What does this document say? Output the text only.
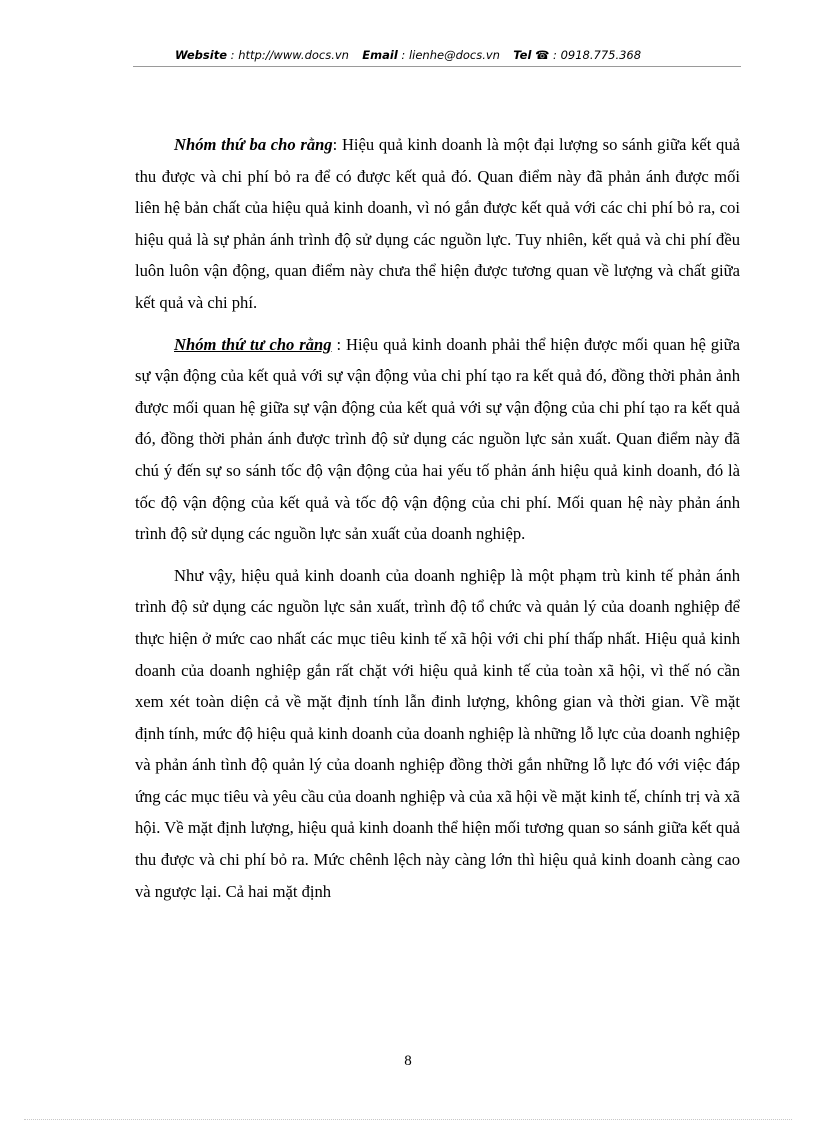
Website : http://www.docs.vn Email : lienhe@docs.vn Tel ☎ : 0918.775.368

Nhóm thứ ba cho rằng: Hiệu quả kinh doanh là một đại lượng so sánh giữa kết quả thu được và chi phí bỏ ra để có được kết quả đó. Quan điểm này đã phản ánh được mối liên hệ bản chất của hiệu quả kinh doanh, vì nó gắn được kết quả với các chi phí bỏ ra, coi hiệu quả là sự phản ánh trình độ sử dụng các nguồn lực. Tuy nhiên, kết quả và chi phí đều luôn luôn vận động, quan điểm này chưa thể hiện được tương quan về lượng và chất giữa kết quả và chi phí.

Nhóm thứ tư cho rằng : Hiệu quả kinh doanh phải thể hiện được mối quan hệ giữa sự vận động của kết quả với sự vận động vủa chi phí tạo ra kết quả đó, đồng thời phản ảnh được mối quan hệ giữa sự vận động của kết quả với sự vận động của chi phí tạo ra kết quả đó, đồng thời phản ánh được trình độ sử dụng các nguồn lực sản xuất. Quan điểm này đã chú ý đến sự so sánh tốc độ vận động của hai yếu tố phản ánh hiệu quả kinh doanh, đó là tốc độ vận động của kết quả và tốc độ vận động của chi phí. Mối quan hệ này phản ánh trình độ sử dụng các nguồn lực sản xuất của doanh nghiệp.

Như vậy, hiệu quả kinh doanh của doanh nghiệp là một phạm trù kinh tế phản ánh trình độ sử dụng các nguồn lực sản xuất, trình độ tổ chức và quản lý của doanh nghiệp để thực hiện ở mức cao nhất các mục tiêu kinh tế xã hội với chi phí thấp nhất. Hiệu quả kinh doanh của doanh nghiệp gắn rất chặt với hiệu quả kinh tế của toàn xã hội, vì thế nó cần xem xét toàn diện cả về mặt định tính lẫn đinh lượng, không gian và thời gian. Về mặt định tính, mức độ hiệu quả kinh doanh của doanh nghiệp là những lỗ lực của doanh nghiệp và phản ánh tình độ quản lý của doanh nghiệp đồng thời gắn những lỗ lực đó với việc đáp ứng các mục tiêu và yêu cầu của doanh nghiệp và của xã hội về mặt kinh tế, chính trị và xã hội. Về mặt định lượng, hiệu quả kinh doanh thể hiện mối tương quan so sánh giữa kết quả thu được và chi phí bỏ ra. Mức chênh lệch này càng lớn thì hiệu quả kinh doanh càng cao và ngược lại. Cả hai mặt định

8
